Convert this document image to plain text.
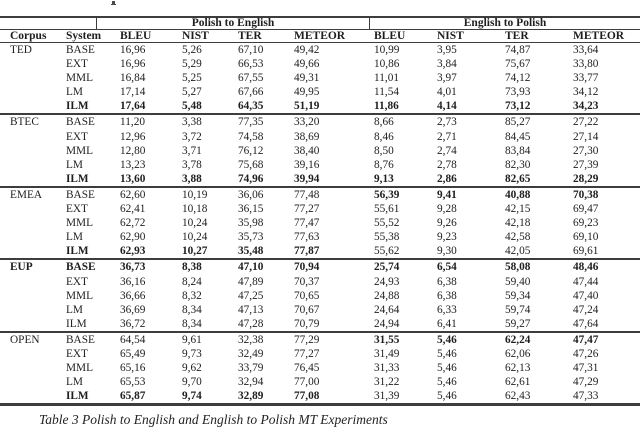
Polish to English	English to Polish
Corpus	System	BLEU	NIST	TER	METEOR	BLEU	NIST	TER	METEOR
TED	BASE	16,96	5,26	67,10	49,42	10,99	3,95	74,87	33,64
EXT	16,96	5,29	66,53	49,66	10,86	3,84	75,67	33,80
MML	16,84	5,25	67,55	49,31	11,01	3,97	74,12	33,77
LM	17,14	5,27	67,66	49,95	11,54	4,01	73,93	34,12
ILM	17,64	5,48	64,35	51,19	11,86	4,14	73,12	34,23
BTEC	BASE	11,20	3,38	77,35	33,20	8,66	2,73	85,27	27,22
EXT	12,96	3,72	74,58	38,69	8,46	2,71	84,45	27,14
MML	12,80	3,71	76,12	38,40	8,50	2,74	83,84	27,30
LM	13,23	3,78	75,68	39,16	8,76	2,78	82,30	27,39
ILM	13,60	3,88	74,96	39,94	9,13	2,86	82,65	28,29
EMEA	BASE	62,60	10,19	36,06	77,48	56,39	9,41	40,88	70,38
EXT	62,41	10,18	36,15	77,27	55,61	9,28	42,15	69,47
MML	62,72	10,24	35,98	77,47	55,52	9,26	42,18	69,23
LM	62,90	10,24	35,73	77,63	55,38	9,23	42,58	69,10
ILM	62,93	10,27	35,48	77,87	55,62	9,30	42,05	69,61
EUP	BASE	36,73	8,38	47,10	70,94	25,74	6,54	58,08	48,46
EXT	36,16	8,24	47,89	70,37	24,93	6,38	59,40	47,44
MML	36,66	8,32	47,25	70,65	24,88	6,38	59,34	47,40
LM	36,69	8,34	47,13	70,67	24,64	6,33	59,74	47,24
ILM	36,72	8,34	47,28	70,79	24,94	6,41	59,27	47,64
OPEN	BASE	64,54	9,61	32,38	77,29	31,55	5,46	62,24	47,47
EXT	65,49	9,73	32,49	77,27	31,49	5,46	62,06	47,26
MML	65,16	9,62	33,79	76,45	31,33	5,46	62,13	47,31
LM	65,53	9,70	32,94	77,00	31,22	5,46	62,61	47,29
ILM	65,87	9,74	32,89	77,08	31,39	5,46	62,43	47,33
Table 3 Polish to English and English to Polish MT Experiments
